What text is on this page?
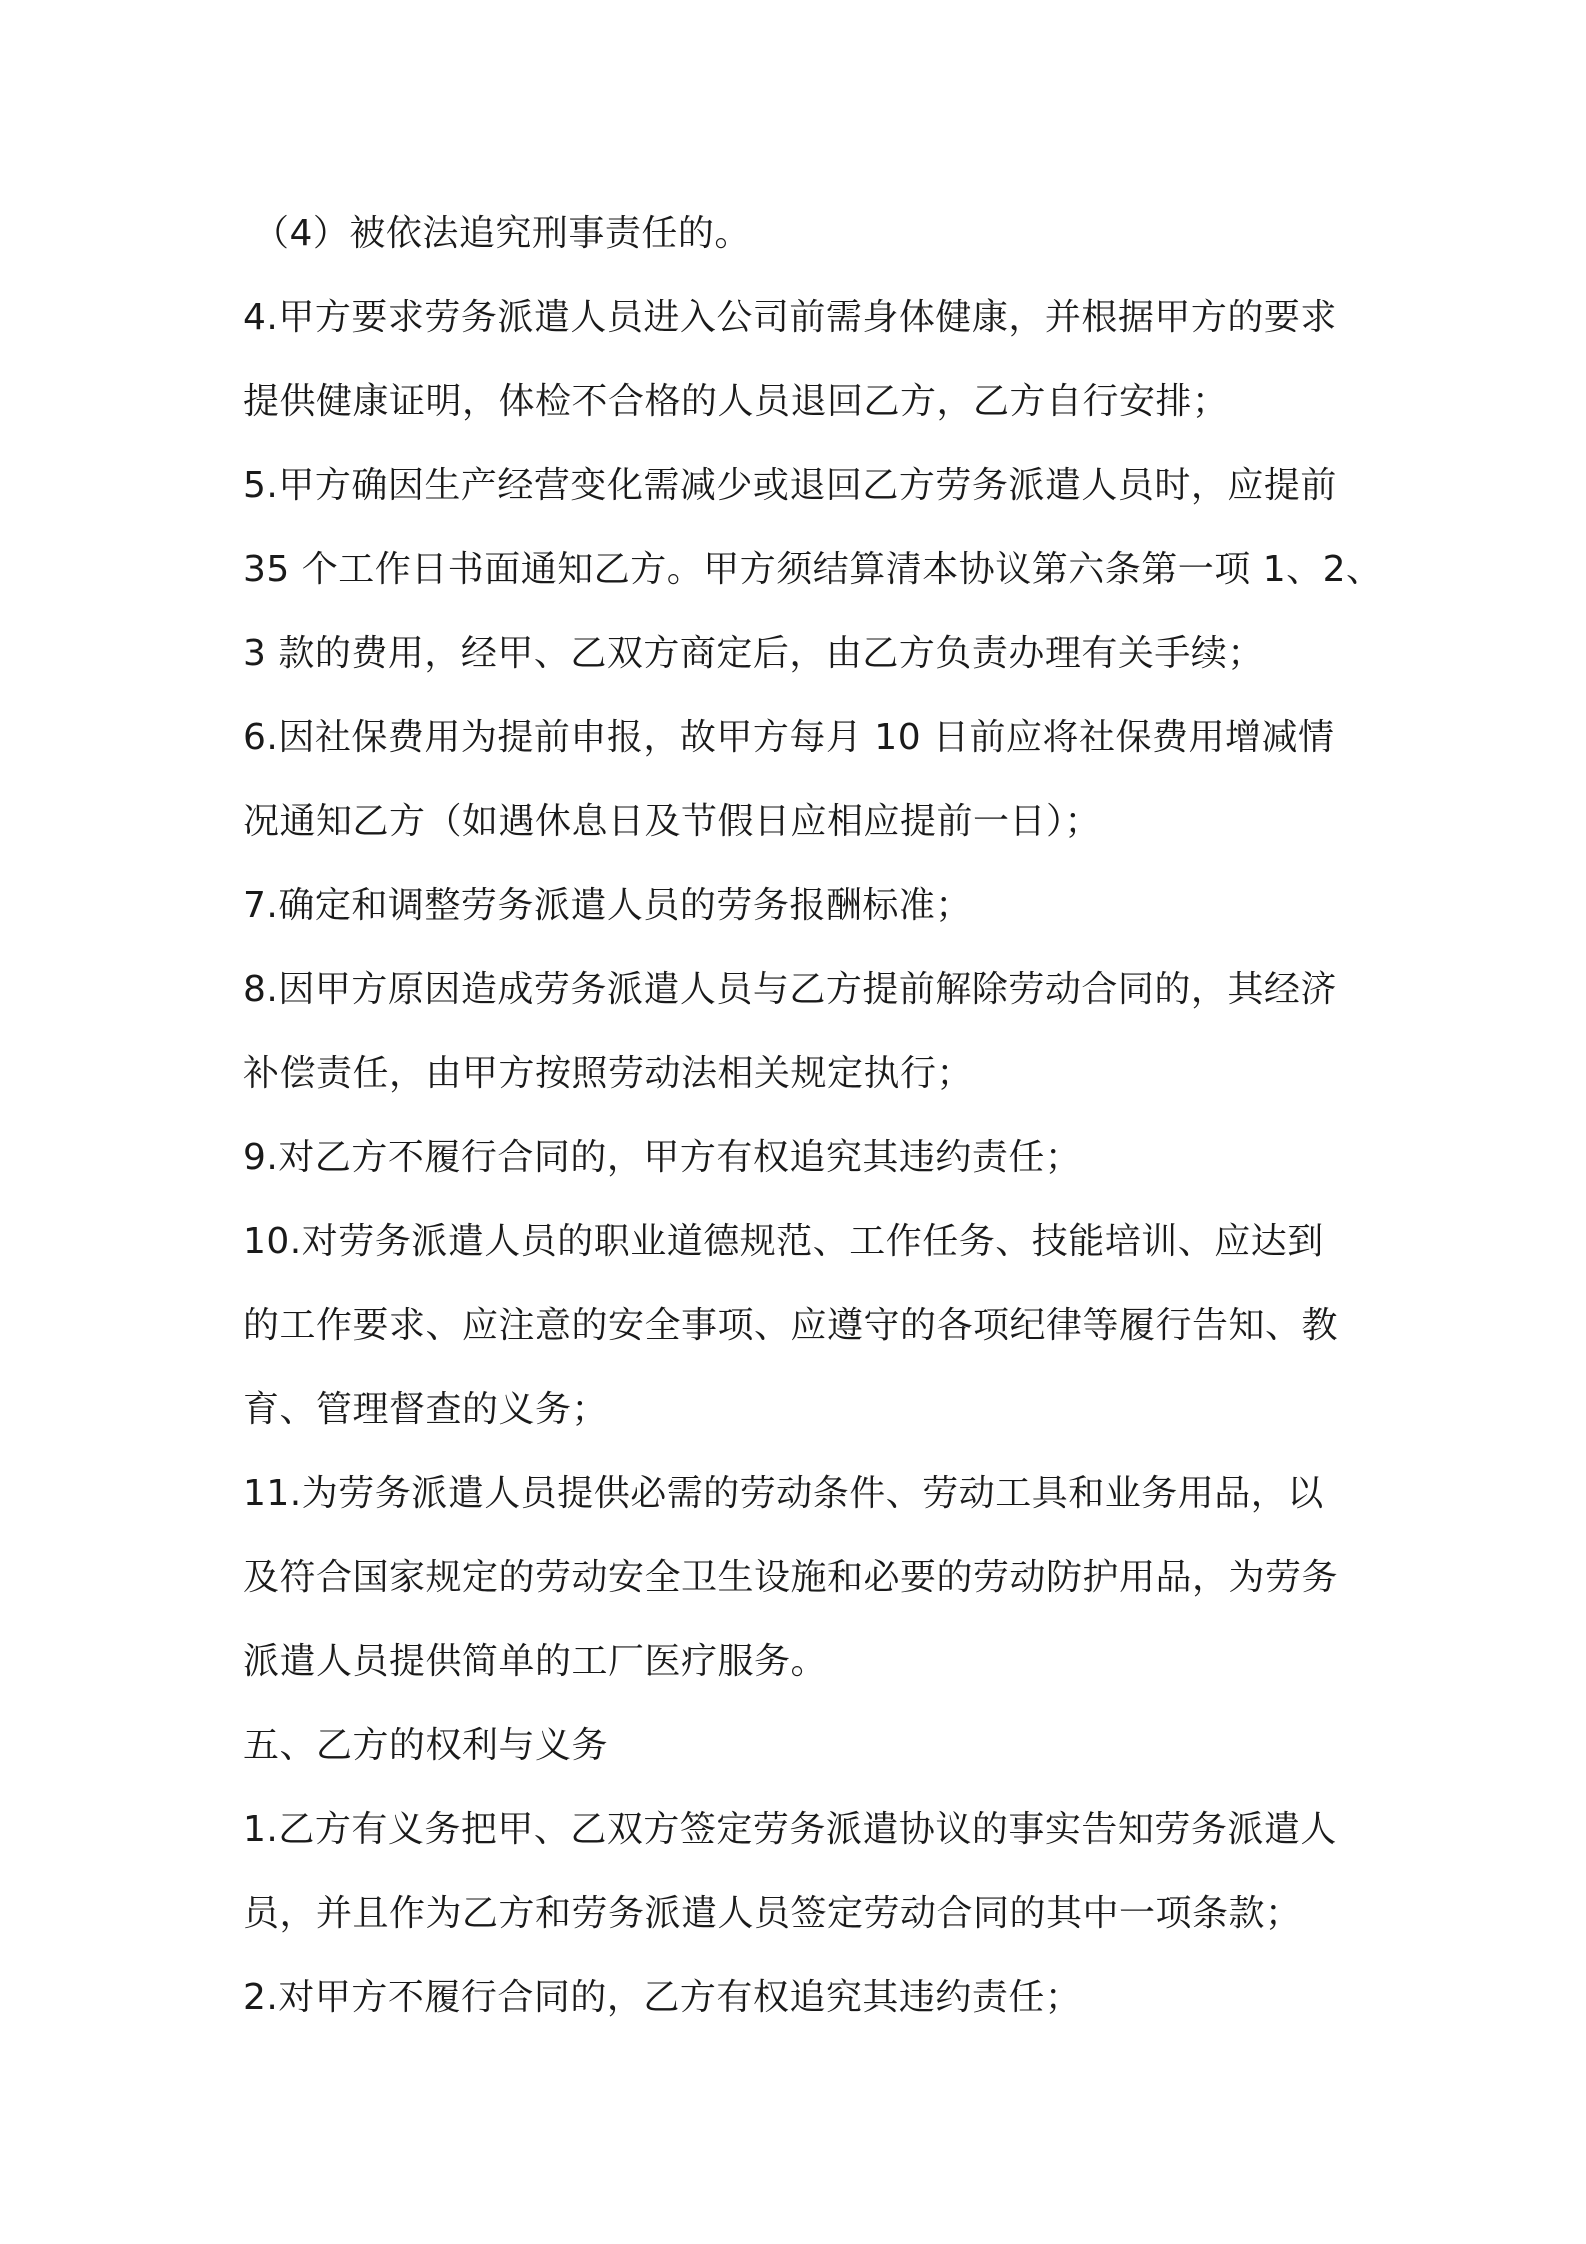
（4）被依法追究刑事责任的。
4.甲方要求劳务派遣人员进入公司前需身体健康，并根据甲方的要求
提供健康证明，体检不合格的人员退回乙方，乙方自行安排；
5.甲方确因生产经营变化需减少或退回乙方劳务派遣人员时，应提前
35 个工作日书面通知乙方。甲方须结算清本协议第六条第一项 1、2、
3 款的费用，经甲、乙双方商定后，由乙方负责办理有关手续；
6.因社保费用为提前申报，故甲方每月 10 日前应将社保费用增减情
况通知乙方（如遇休息日及节假日应相应提前一日）；
7.确定和调整劳务派遣人员的劳务报酬标准；
8.因甲方原因造成劳务派遣人员与乙方提前解除劳动合同的，其经济
补偿责任，由甲方按照劳动法相关规定执行；
9.对乙方不履行合同的，甲方有权追究其违约责任；
10.对劳务派遣人员的职业道德规范、工作任务、技能培训、应达到
的工作要求、应注意的安全事项、应遵守的各项纪律等履行告知、教
育、管理督查的义务；
11.为劳务派遣人员提供必需的劳动条件、劳动工具和业务用品，以
及符合国家规定的劳动安全卫生设施和必要的劳动防护用品，为劳务
派遣人员提供简单的工厂医疗服务。
五、乙方的权利与义务
1.乙方有义务把甲、乙双方签定劳务派遣协议的事实告知劳务派遣人
员，并且作为乙方和劳务派遣人员签定劳动合同的其中一项条款；
2.对甲方不履行合同的，乙方有权追究其违约责任；
